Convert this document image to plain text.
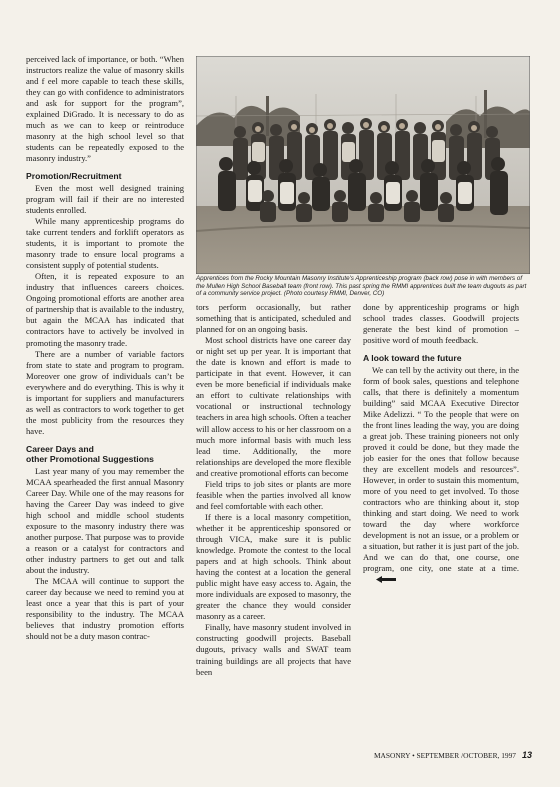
Apprentices from the Rocky Mountain Masonry Institute's Apprenticeship program (back row) pose in with members of the Mullen High School Baseball team (front row). This past spring the RMMI apprentices built the team dugouts as part of a community service project. (Photo courtesy RMMI, Denver, CO)

perceived lack of importance, or both. “When instructors realize the value of masonry skills and f eel more capable to teach these skills, they can go with confidence to administrators and ask for support for the program”, explained DiGrado. It is necessary to do as much as we can to keep or reintroduce masonry at the high school level so that students can be repeatedly exposed to the masonry industry.”

Promotion/Recruitment

Even the most well designed training program will fail if their are no interested students enrolled.

While many apprenticeship programs do take current tenders and forklift operators as students, it is important to promote the masonry trade to ensure local programs a consistent supply of potential students.

Often, it is repeated exposure to an industry that influences careers choices. Ongoing promotional efforts are another area of partnership that is available to the industry, but again the MCAA has indicated that contractors have to actively be involved in promoting the masonry trade.

There are a number of variable factors from state to state and program to program. Moreover one grow of individuals can’t be everywhere and do everything. This is why it is important for suppliers and manufacturers as well as contractors to work together to get the most publicity from the resources they have.

Career Days and
other Promotional Suggestions

Last year many of you may remember the MCAA spearheaded the first annual Masonry Career Day. While one of the may reasons for having the Career Day was indeed to give high school and middle school students exposure to the masonry industry there was another purpose. That purpose was to provide a reason or a catalyst for contractors and other industry partners to get out and talk about the industry.

The MCAA will continue to support the career day because we need to remind you at least once a year that this is part of your responsibility to the industry. The MCAA believes that industry promotion efforts should not be a duty mason contrac-

tors perform occasionally, but rather something that is anticipated, scheduled and planned for on an ongoing basis.

Most school districts have one career day or night set up per year. It is important that the date is known and effort is made to participate in that event. However, it can even be more beneficial if individuals make an effort to cultivate relationships with vocational or instructional technology teachers in area high schools. Often a teacher will allow access to his or her classroom on a much more informal basis with much less lead time. Additionally, the more relationships are developed the more flexible and creative promotional efforts can become

Field trips to job sites or plants are more feasible when the parties involved all know and feel comfortable with each other.

If there is a local masonry competition, whether it be apprenticeship sponsored or through VICA, make sure it is public knowledge. Promote the contest to the local papers and at high schools. Think about having the contest at a location the general public might have easy access to. Again, the more individuals are exposed to masonry, the greater the chance they would consider masonry as a career.

Finally, have masonry student involved in constructing goodwill projects. Baseball dugouts, privacy walls and SWAT team training buildings are all projects that have been

done by apprenticeship programs or high school trades classes. Goodwill projects generate the best kind of promotion – positive word of mouth feedback.

A look toward the future

We can tell by the activity out there, in the form of book sales, questions and telephone calls, that there is definitely a momentum building” said MCAA Executive Director Mike Adelizzi. “ To the people that were on the front lines leading the way, you are doing a great job. These training pioneers not only proved it could be done, but they made the job easier for the ones that follow because they are excellent models and resources”. However, in order to sustain this momentum, more of you need to get involved. To those contractors who are thinking about it, stop thinking and start doing. We need to work toward the day where workforce development is not an issue, or a problem or a situation, but rather it is just part of the job. And we can do that, one course, one program, one city, one state at a time.

MASONRY • SEPTEMBER /OCTOBER, 1997 13
